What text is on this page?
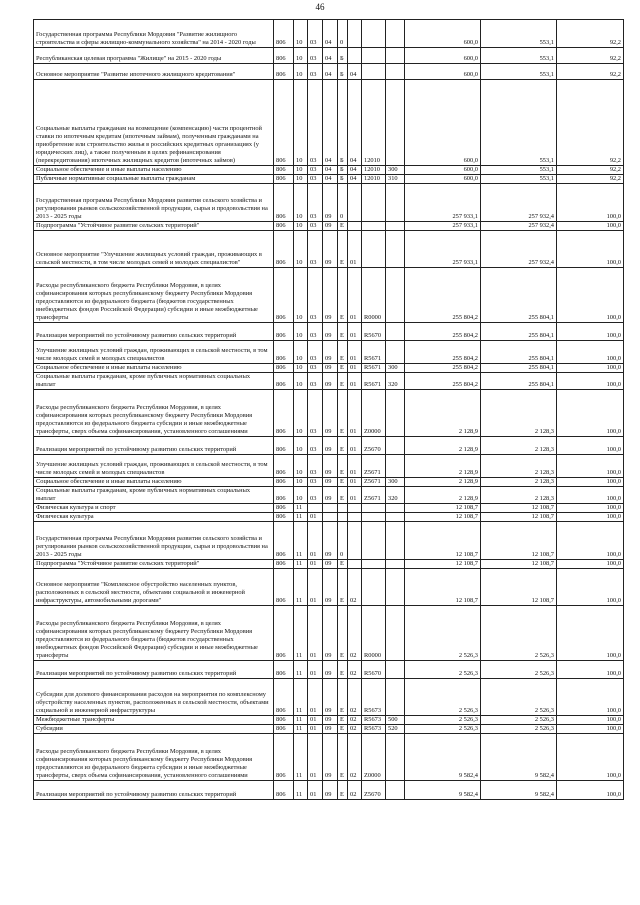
46
Государственная программа Республики Мордовия "Развитие жилищного строительства и сферы жилищно-коммунального хозяйства" на 2014 - 2020 годы	806	10	03	04	0				600,0	553,1	92,2
Республиканская целевая программа "Жилище" на 2015 - 2020 годы	806	10	03	04	Б				600,0	553,1	92,2
Основное мероприятие "Развитие ипотечного жилищного кредитования"	806	10	03	04	Б	04			600,0	553,1	92,2
Социальные выплаты гражданам на возмещение (компенсацию) части процентной ставки по ипотечным кредитам (ипотечным займам), полученным гражданами на приобретение или строительство жилья в российских кредитных организациях (у юридических лиц), а также полученным в целях рефинансирования (перекредитования) ипотечных жилищных кредитов (ипотечных займов)	806	10	03	04	Б	04	12010		600,0	553,1	92,2
Социальное обеспечение и иные выплаты населению	806	10	03	04	Б	04	12010	300	600,0	553,1	92,2
Публичные нормативные социальные выплаты гражданам	806	10	03	04	Б	04	12010	310	600,0	553,1	92,2
Государственная программа Республики Мордовия развития сельского хозяйства и регулирования рынков сельскохозяйственной продукции, сырья и продовольствия на 2013 - 2025 годы	806	10	03	09	0				257 933,1	257 932,4	100,0
Подпрограмма "Устойчивое развитие сельских территорий"	806	10	03	09	Е				257 933,1	257 932,4	100,0
Основное мероприятие "Улучшение жилищных условий граждан, проживающих в сельской местности, в том числе молодых семей и молодых специалистов"	806	10	03	09	Е	01			257 933,1	257 932,4	100,0
Расходы республиканского бюджета Республики Мордовия, в целях софинансирования которых республиканскому бюджету Республики Мордовия предоставляются из федерального бюджета (бюджетов государственных внебюджетных фондов Российской Федерации) субсидии и иные межбюджетные трансферты	806	10	03	09	Е	01	R0000		255 804,2	255 804,1	100,0
Реализация мероприятий по устойчивому развитию сельских территорий	806	10	03	09	Е	01	R5670		255 804,2	255 804,1	100,0
Улучшение жилищных условий граждан, проживающих в сельской местности, в том числе молодых семей и молодых специалистов	806	10	03	09	Е	01	R5671		255 804,2	255 804,1	100,0
Социальное обеспечение и иные выплаты населению	806	10	03	09	Е	01	R5671	300	255 804,2	255 804,1	100,0
Социальные выплаты гражданам, кроме публичных нормативных социальных выплат	806	10	03	09	Е	01	R5671	320	255 804,2	255 804,1	100,0
Расходы республиканского бюджета Республики Мордовия, в целях софинансирования которых республиканскому бюджету Республики Мордовия предоставляются из федерального бюджета субсидии и иные межбюджетные трансферты, сверх объема софинансирования, установленного соглашениями	806	10	03	09	Е	01	Z0000		2 128,9	2 128,3	100,0
Реализация мероприятий по устойчивому развитию сельских территорий	806	10	03	09	Е	01	Z5670		2 128,9	2 128,3	100,0
Улучшение жилищных условий граждан, проживающих в сельской местности, в том числе молодых семей и молодых специалистов	806	10	03	09	Е	01	Z5671		2 128,9	2 128,3	100,0
Социальное обеспечение и иные выплаты населению	806	10	03	09	Е	01	Z5671	300	2 128,9	2 128,3	100,0
Социальные выплаты гражданам, кроме публичных нормативных социальных выплат	806	10	03	09	Е	01	Z5671	320	2 128,9	2 128,3	100,0
Физическая культура и спорт	806	11							12 108,7	12 108,7	100,0
Физическая культура	806	11	01						12 108,7	12 108,7	100,0
Государственная программа Республики Мордовия развития сельского хозяйства и регулирования рынков сельскохозяйственной продукции, сырья и продовольствия на 2013 - 2025 годы	806	11	01	09	0				12 108,7	12 108,7	100,0
Подпрограмма "Устойчивое развитие сельских территорий"	806	11	01	09	Е				12 108,7	12 108,7	100,0
Основное мероприятие "Комплексное обустройство населенных пунктов, расположенных в сельской местности, объектами социальной и инженерной инфраструктуры, автомобильными дорогами"	806	11	01	09	Е	02			12 108,7	12 108,7	100,0
Расходы республиканского бюджета Республики Мордовия, в целях софинансирования которых республиканскому бюджету Республики Мордовия предоставляются из федерального бюджета (бюджетов государственных внебюджетных фондов Российской Федерации) субсидии и иные межбюджетные трансферты	806	11	01	09	Е	02	R0000		2 526,3	2 526,3	100,0
Реализация мероприятий по устойчивому развитию сельских территорий	806	11	01	09	Е	02	R5670		2 526,3	2 526,3	100,0
Субсидии для долевого финансирования расходов на мероприятия по комплексному обустройству населенных пунктов, расположенных в сельской местности, объектами социальной и инженерной инфраструктуры	806	11	01	09	Е	02	R5673		2 526,3	2 526,3	100,0
Межбюджетные трансферты	806	11	01	09	Е	02	R5673	500	2 526,3	2 526,3	100,0
Субсидии	806	11	01	09	Е	02	R5673	520	2 526,3	2 526,3	100,0
Расходы республиканского бюджета Республики Мордовия, в целях софинансирования которых республиканскому бюджету Республики Мордовия предоставляются из федерального бюджета субсидии и иные межбюджетные трансферты, сверх объема софинансирования, установленного соглашениями	806	11	01	09	Е	02	Z0000		9 582,4	9 582,4	100,0
Реализация мероприятий по устойчивому развитию сельских территорий	806	11	01	09	Е	02	Z5670		9 582,4	9 582,4	100,0
